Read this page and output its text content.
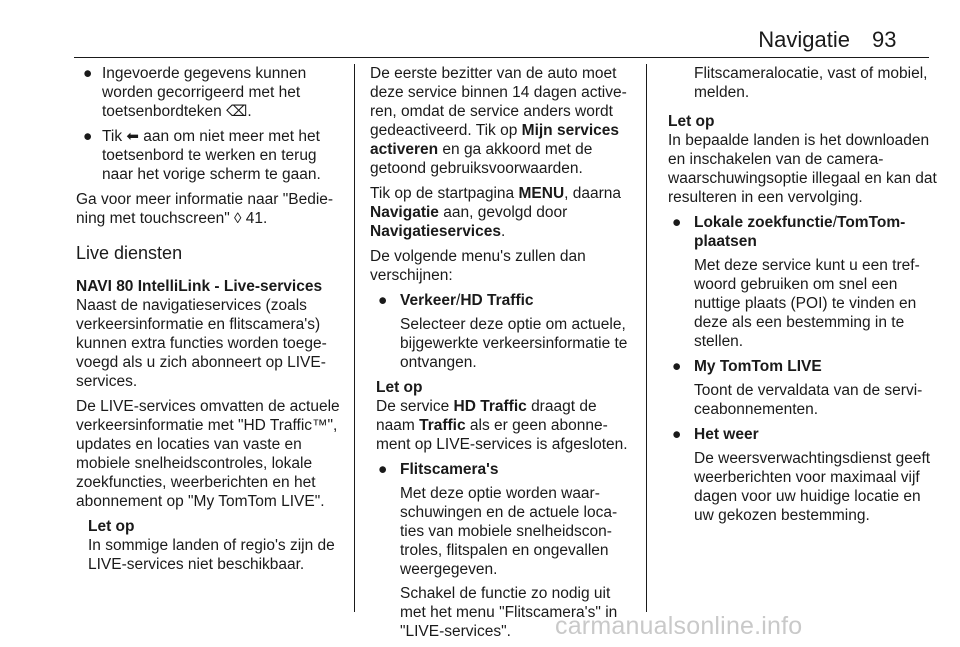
Navigatie 93
● Ingevoerde gegevens kunnen worden gecorrigeerd met het toetsenbordteken ⌫.
● Tik ⬅ aan om niet meer met het toetsenbord te werken en terug naar het vorige scherm te gaan.

Ga voor meer informatie naar "Bediening met touchscreen" ◊ 41.

Live diensten
NAVI 80 IntelliLink - Live-services

Naast de navigatieservices (zoals verkeersinformatie en flitscamera's) kunnen extra functies worden toegevoegd als u zich abonneert op LIVE-services.

De LIVE-services omvatten de actuele verkeersinformatie met "HD Traffic™", updates en locaties van vaste en mobiele snelheidscontroles, lokale zoekfuncties, weerberichten en het abonnement op "My TomTom LIVE".

Let op
In sommige landen of regio's zijn de LIVE-services niet beschikbaar.

De eerste bezitter van de auto moet deze service binnen 14 dagen activeren, omdat de service anders wordt gedeactiveerd. Tik op Mijn services activeren en ga akkoord met de getoond gebruiksvoorwaarden.

Tik op de startpagina MENU, daarna Navigatie aan, gevolgd door Navigatieservices.

De volgende menu's zullen dan verschijnen:

● Verkeer/HD Traffic
Selecteer deze optie om actuele, bijgewerkte verkeersinformatie te ontvangen.
Let op
De service HD Traffic draagt de naam Traffic als er geen abonnement op LIVE-services is afgesloten.
● Flitscamera's
Met deze optie worden waarschuwingen en de actuele locaties van mobiele snelheidscontroles, flitspalen en ongevallen weergegeven.
Schakel de functie zo nodig uit met het menu "Flitscamera's" in "LIVE-services".
Flitscameralocatie, vast of mobiel, melden.
Let op
In bepaalde landen is het downloaden en inschakelen van de camerawaarschuwingsoptie illegaal en kan dat resulteren in een vervolging.
● Lokale zoekfunctie/TomTom-plaatsen
Met deze service kunt u een trefwoord gebruiken om snel een nuttige plaats (POI) te vinden en deze als een bestemming in te stellen.
● My TomTom LIVE
Toont de vervaldata van de serviceabonnementen.
● Het weer
De weersverwachtingsdienst geeft weerberichten voor maximaal vijf dagen voor uw huidige locatie en uw gekozen bestemming.
carmanualsonline.info
